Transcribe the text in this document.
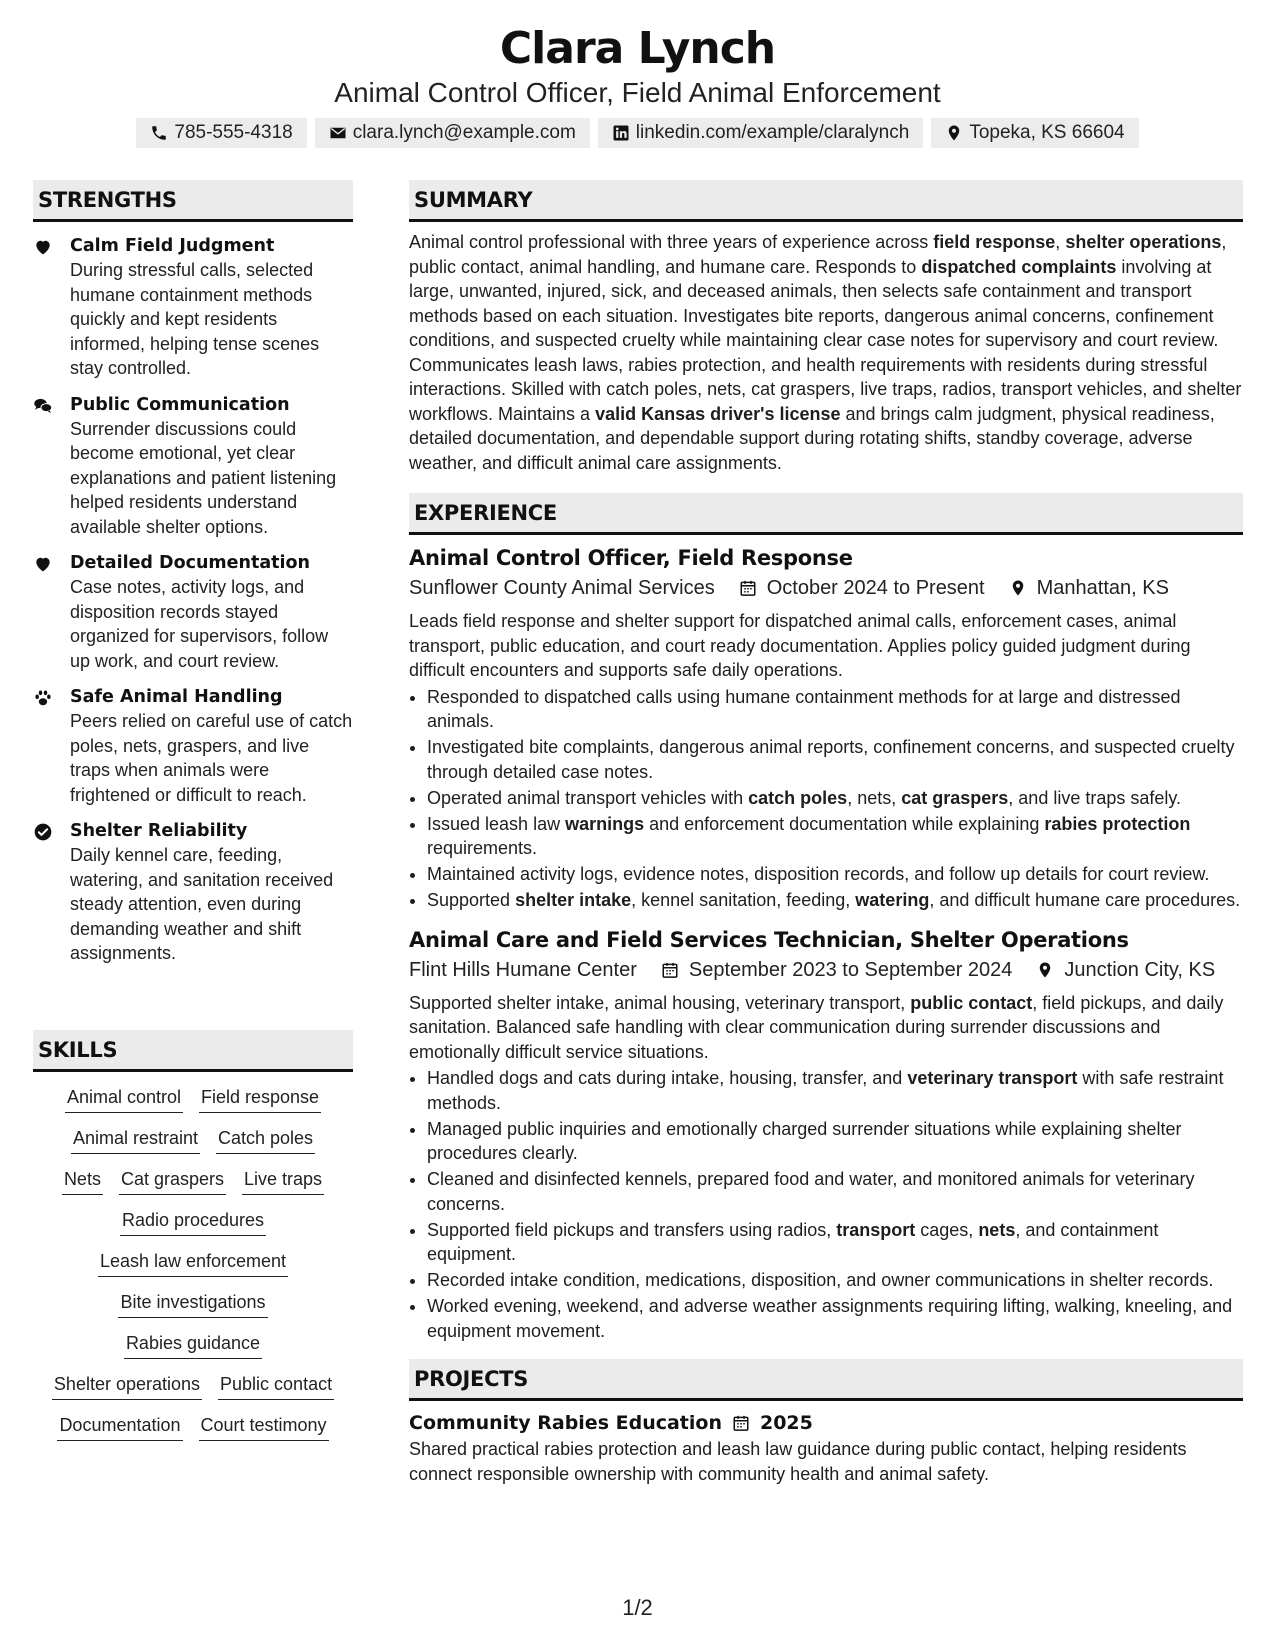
Clara Lynch
Animal Control Officer, Field Animal Enforcement
785-555-4318	clara.lynch@example.com	linkedin.com/example/claralynch	Topeka, KS 66604
STRENGTHS
Calm Field Judgment
During stressful calls, selected humane containment methods quickly and kept residents informed, helping tense scenes stay controlled.
Public Communication
Surrender discussions could become emotional, yet clear explanations and patient listening helped residents understand available shelter options.
Detailed Documentation
Case notes, activity logs, and disposition records stayed organized for supervisors, follow up work, and court review.
Safe Animal Handling
Peers relied on careful use of catch poles, nets, graspers, and live traps when animals were frightened or difficult to reach.
Shelter Reliability
Daily kennel care, feeding, watering, and sanitation received steady attention, even during demanding weather and shift assignments.
SKILLS
Animal control Field response
Animal restraint Catch poles
Nets Cat graspers Live traps
Radio procedures
Leash law enforcement
Bite investigations
Rabies guidance
Shelter operations Public contact
Documentation Court testimony
SUMMARY
Animal control professional with three years of experience across field response, shelter operations, public contact, animal handling, and humane care. Responds to dispatched complaints involving at large, unwanted, injured, sick, and deceased animals, then selects safe containment and transport methods based on each situation. Investigates bite reports, dangerous animal concerns, confinement conditions, and suspected cruelty while maintaining clear case notes for supervisory and court review. Communicates leash laws, rabies protection, and health requirements with residents during stressful interactions. Skilled with catch poles, nets, cat graspers, live traps, radios, transport vehicles, and shelter workflows. Maintains a valid Kansas driver's license and brings calm judgment, physical readiness, detailed documentation, and dependable support during rotating shifts, standby coverage, adverse weather, and difficult animal care assignments.
EXPERIENCE
Animal Control Officer, Field Response
Sunflower County Animal Services	October 2024 to Present	Manhattan, KS
Leads field response and shelter support for dispatched animal calls, enforcement cases, animal transport, public education, and court ready documentation. Applies policy guided judgment during difficult encounters and supports safe daily operations.
• Responded to dispatched calls using humane containment methods for at large and distressed animals.
• Investigated bite complaints, dangerous animal reports, confinement concerns, and suspected cruelty through detailed case notes.
• Operated animal transport vehicles with catch poles, nets, cat graspers, and live traps safely.
• Issued leash law warnings and enforcement documentation while explaining rabies protection requirements.
• Maintained activity logs, evidence notes, disposition records, and follow up details for court review.
• Supported shelter intake, kennel sanitation, feeding, watering, and difficult humane care procedures.
Animal Care and Field Services Technician, Shelter Operations
Flint Hills Humane Center	September 2023 to September 2024	Junction City, KS
Supported shelter intake, animal housing, veterinary transport, public contact, field pickups, and daily sanitation. Balanced safe handling with clear communication during surrender discussions and emotionally difficult service situations.
• Handled dogs and cats during intake, housing, transfer, and veterinary transport with safe restraint methods.
• Managed public inquiries and emotionally charged surrender situations while explaining shelter procedures clearly.
• Cleaned and disinfected kennels, prepared food and water, and monitored animals for veterinary concerns.
• Supported field pickups and transfers using radios, transport cages, nets, and containment equipment.
• Recorded intake condition, medications, disposition, and owner communications in shelter records.
• Worked evening, weekend, and adverse weather assignments requiring lifting, walking, kneeling, and equipment movement.
PROJECTS
Community Rabies Education 2025
Shared practical rabies protection and leash law guidance during public contact, helping residents connect responsible ownership with community health and animal safety.
1/2
